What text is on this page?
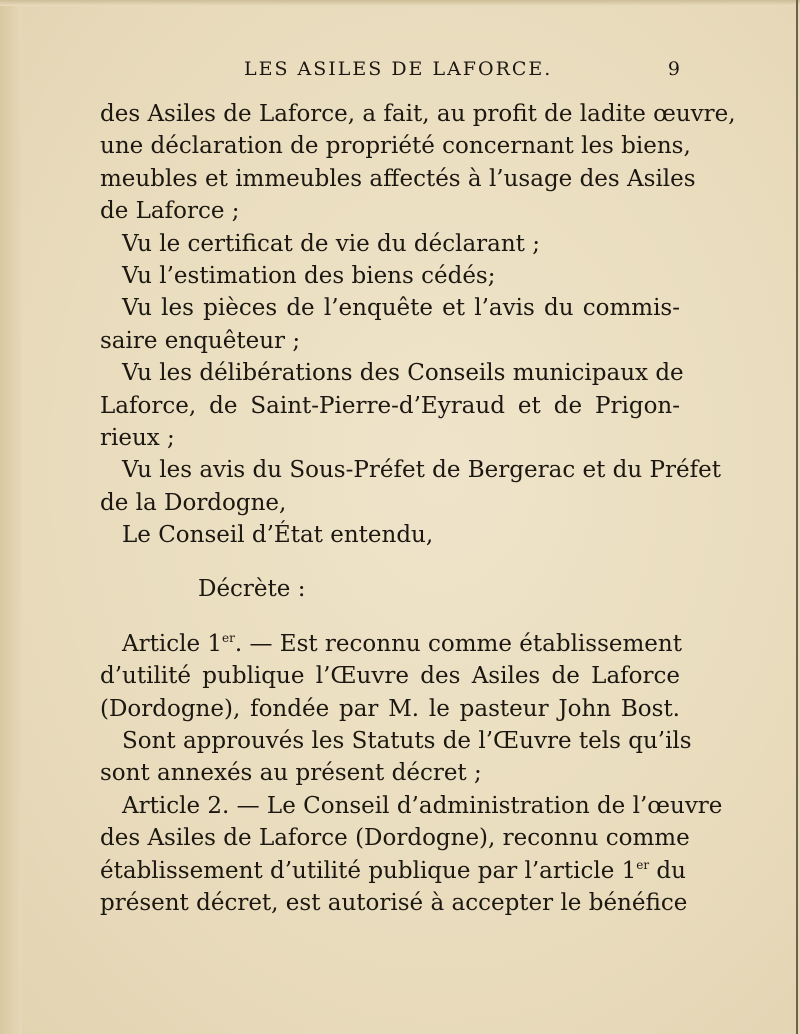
LES ASILES DE LAFORCE.	9
des Asiles de Laforce, a fait, au profit de ladite œuvre,
une déclaration de propriété concernant les biens,
meubles et immeubles affectés à l’usage des Asiles
de Laforce ;
Vu le certificat de vie du déclarant ;
Vu l’estimation des biens cédés;
Vu les pièces de l’enquête et l’avis du commis-
saire enquêteur ;
Vu les délibérations des Conseils municipaux de
Laforce, de Saint-Pierre-d’Eyraud et de Prigon-
rieux ;
Vu les avis du Sous-Préfet de Bergerac et du Préfet
de la Dordogne,
Le Conseil d’État entendu,
Décrète :
Article 1er. — Est reconnu comme établissement
d’utilité publique l’Œuvre des Asiles de Laforce
(Dordogne), fondée par M. le pasteur John Bost.
Sont approuvés les Statuts de l’Œuvre tels qu’ils
sont annexés au présent décret ;
Article 2. — Le Conseil d’administration de l’œuvre
des Asiles de Laforce (Dordogne), reconnu comme
établissement d’utilité publique par l’article 1er du
présent décret, est autorisé à accepter le bénéfice
